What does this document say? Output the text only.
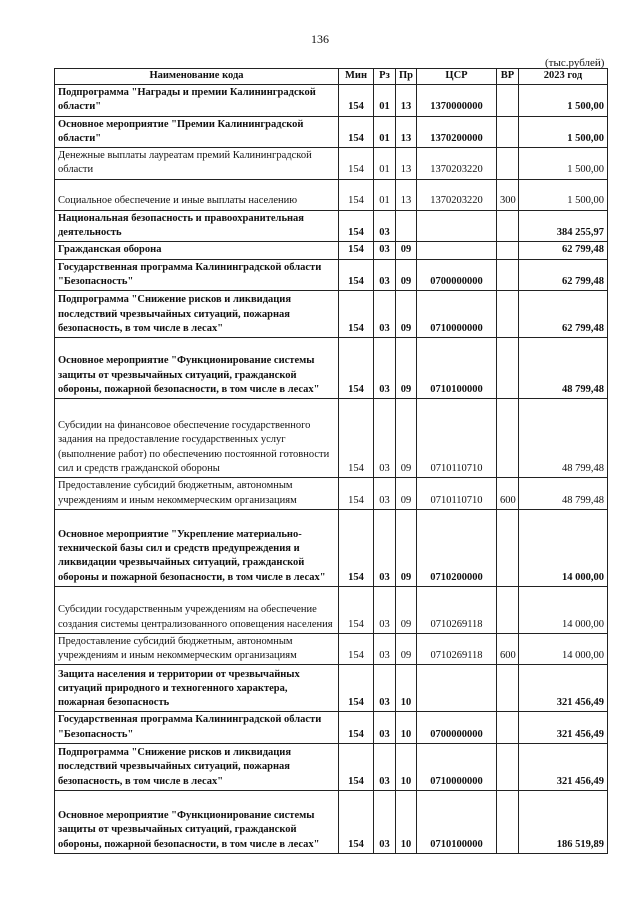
136
(тыс.рублей)
Наименование кода	Мин	Рз	Пр	ЦСР	ВР	2023 год
Подпрограмма "Награды и премии Калининградской области"	154	01	13	1370000000		1 500,00
Основное мероприятие "Премии Калининградской области"	154	01	13	1370200000		1 500,00
Денежные выплаты лауреатам премий Калининградской области	154	01	13	1370203220		1 500,00
Социальное обеспечение и иные выплаты населению	154	01	13	1370203220	300	1 500,00
Национальная безопасность и правоохранительная деятельность	154	03				384 255,97
Гражданская оборона	154	03	09			62 799,48
Государственная программа Калининградской области "Безопасность"	154	03	09	0700000000		62 799,48
Подпрограмма "Снижение рисков и ликвидация последствий чрезвычайных ситуаций, пожарная безопасность, в том числе в лесах"	154	03	09	0710000000		62 799,48
Основное мероприятие "Функционирование системы защиты от чрезвычайных ситуаций, гражданской обороны, пожарной безопасности, в том числе в лесах"	154	03	09	0710100000		48 799,48
Субсидии на финансовое обеспечение государственного задания на предоставление государственных услуг (выполнение работ) по обеспечению постоянной готовности сил и средств гражданской обороны	154	03	09	0710110710		48 799,48
Предоставление субсидий бюджетным, автономным учреждениям и иным некоммерческим организациям	154	03	09	0710110710	600	48 799,48
Основное мероприятие "Укрепление материально-технической базы сил и средств предупреждения и ликвидации чрезвычайных ситуаций, гражданской обороны и пожарной безопасности, в том числе в лесах"	154	03	09	0710200000		14 000,00
Субсидии государственным учреждениям на обеспечение создания системы централизованного оповещения населения	154	03	09	0710269118		14 000,00
Предоставление субсидий бюджетным, автономным учреждениям и иным некоммерческим организациям	154	03	09	0710269118	600	14 000,00
Защита населения и территории от чрезвычайных ситуаций природного и техногенного характера, пожарная безопасность	154	03	10			321 456,49
Государственная программа Калининградской области "Безопасность"	154	03	10	0700000000		321 456,49
Подпрограмма "Снижение рисков и ликвидация последствий чрезвычайных ситуаций, пожарная безопасность, в том числе в лесах"	154	03	10	0710000000		321 456,49
Основное мероприятие "Функционирование системы защиты от чрезвычайных ситуаций, гражданской обороны, пожарной безопасности, в том числе в лесах"	154	03	10	0710100000		186 519,89
